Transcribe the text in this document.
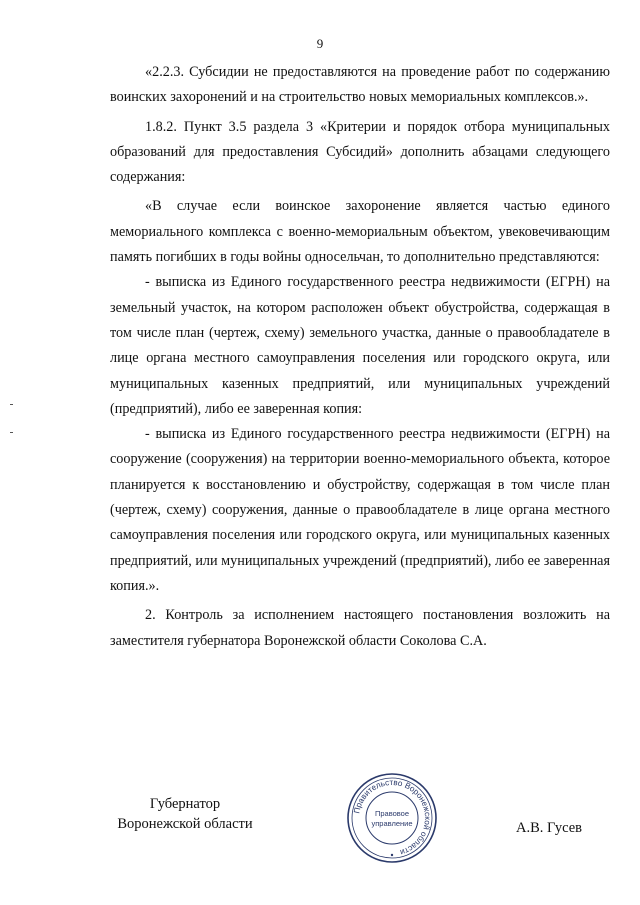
9

«2.2.3. Субсидии не предоставляются на проведение работ по содержанию воинских захоронений и на строительство новых мемориальных комплексов.».

1.8.2. Пункт 3.5 раздела 3 «Критерии и порядок отбора муниципальных образований для предоставления Субсидий» дополнить абзацами следующего содержания:

«В случае если воинское захоронение является частью единого мемориального комплекса с военно-мемориальным объектом, увековечивающим память погибших в годы войны односельчан, то дополнительно представляются:

- выписка из Единого государственного реестра недвижимости (ЕГРН) на земельный участок, на котором расположен объект обустройства, содержащая в том числе план (чертеж, схему) земельного участка, данные о правообладателе в лице органа местного самоуправления поселения или городского округа, или муниципальных казенных предприятий, или муниципальных учреждений (предприятий), либо ее заверенная копия:

- выписка из Единого государственного реестра недвижимости (ЕГРН) на сооружение (сооружения) на территории военно-мемориального объекта, которое планируется к восстановлению и обустройству, содержащая в том числе план (чертеж, схему) сооружения, данные о правообладателе в лице органа местного самоуправления поселения или городского округа, или муниципальных казенных предприятий, или муниципальных учреждений (предприятий), либо ее заверенная копия.».

2. Контроль за исполнением настоящего постановления возложить на заместителя губернатора Воронежской области Соколова С.А.

Губернатор
Воронежской области	А.В. Гусев
Правительство Воронежской области
Правовое
управление
